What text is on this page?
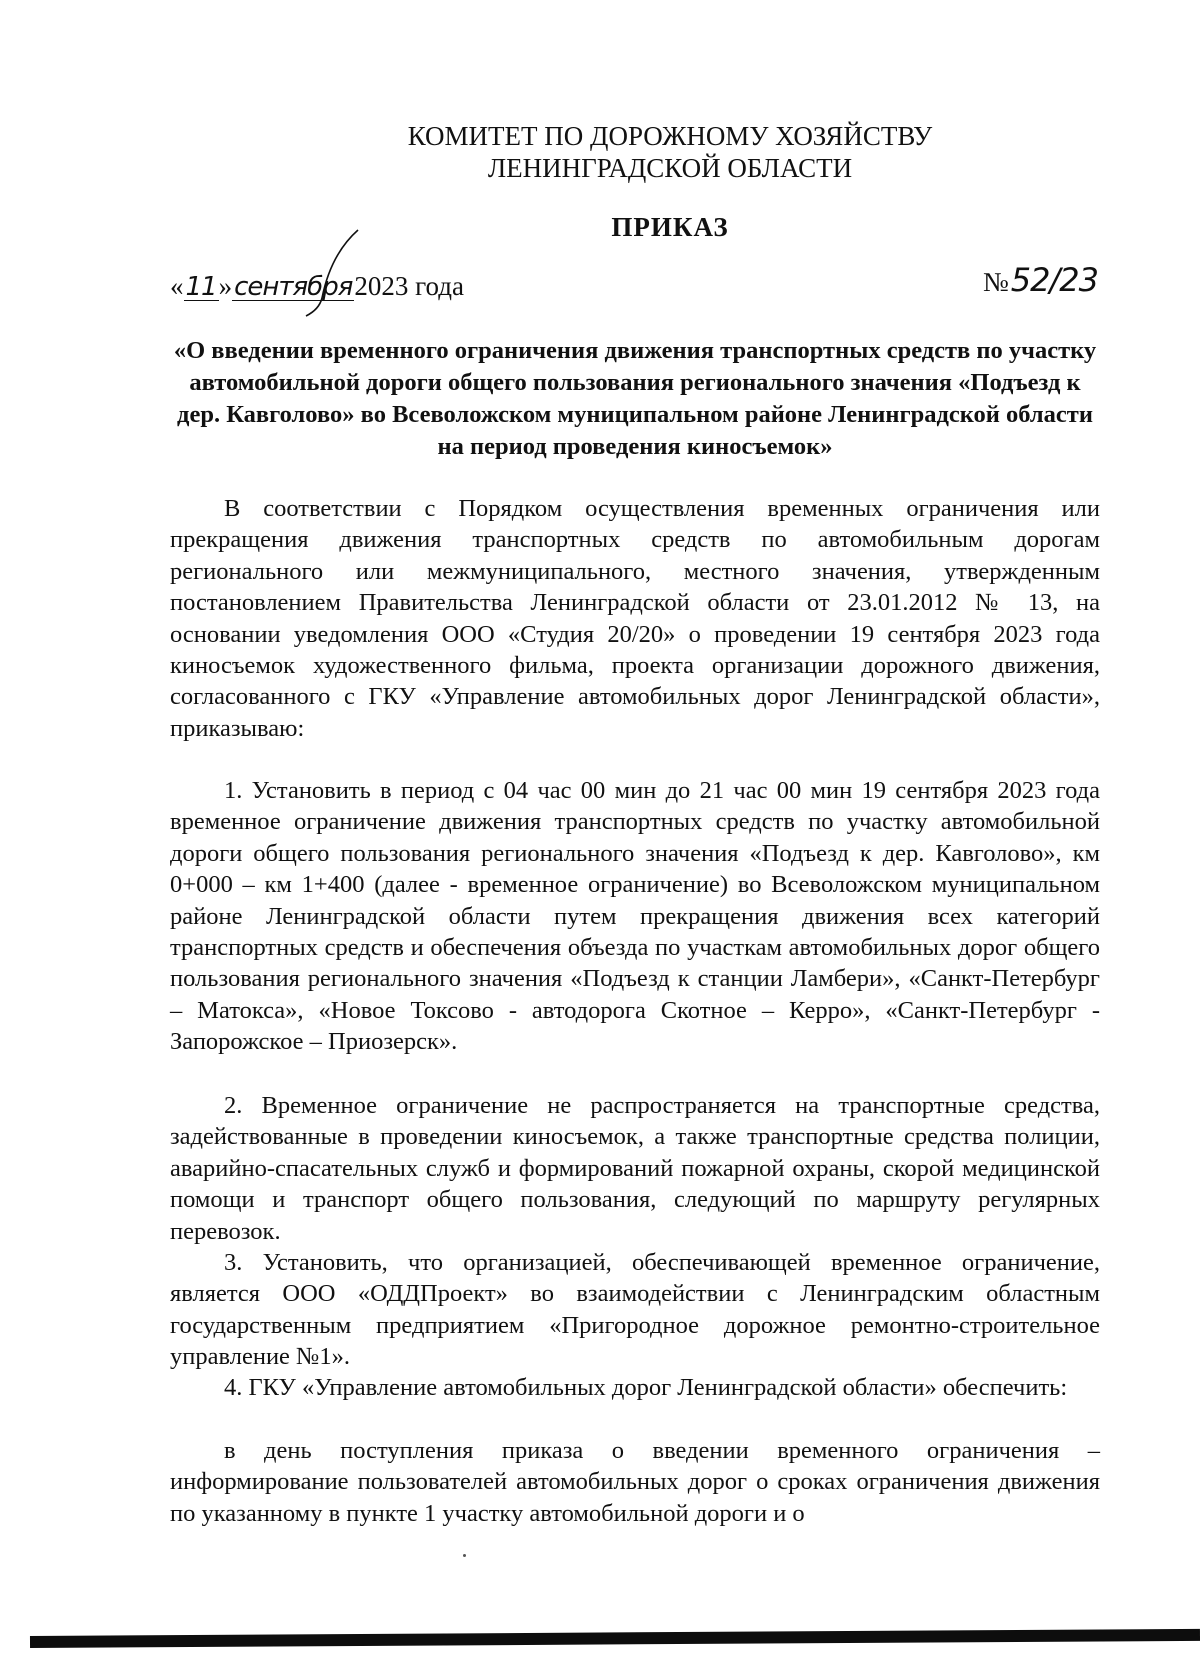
КОМИТЕТ ПО ДОРОЖНОМУ ХОЗЯЙСТВУ

ЛЕНИНГРАДСКОЙ ОБЛАСТИ

ПРИКАЗ
«11»сентября2023 года	№52/23

«О введении временного ограничения движения транспортных средств по участку автомобильной дороги общего пользования регионального значения «Подъезд к дер. Кавголово» во Всеволожском муниципальном районе Ленинградской области на период проведения киносъемок»

В соответствии с Порядком осуществления временных ограничения или прекращения движения транспортных средств по автомобильным дорогам регионального или межмуниципального, местного значения, утвержденным постановлением Правительства Ленинградской области от 23.01.2012 № 13, на основании уведомления ООО «Студия 20/20» о проведении 19 сентября 2023 года киносъемок художественного фильма, проекта организации дорожного движения, согласованного с ГКУ «Управление автомобильных дорог Ленинградской области», приказываю:

1. Установить в период с 04 час 00 мин до 21 час 00 мин 19 сентября 2023 года временное ограничение движения транспортных средств по участку автомобильной дороги общего пользования регионального значения «Подъезд к дер. Кавголово», км 0+000 – км 1+400 (далее - временное ограничение) во Всеволожском муниципальном районе Ленинградской области путем прекращения движения всех категорий транспортных средств и обеспечения объезда по участкам автомобильных дорог общего пользования регионального значения «Подъезд к станции Ламбери», «Санкт-Петербург – Матокса», «Новое Токсово - автодорога Скотное – Керро», «Санкт-Петербург - Запорожское – Приозерск».

2. Временное ограничение не распространяется на транспортные средства, задействованные в проведении киносъемок, а также транспортные средства полиции, аварийно-спасательных служб и формирований пожарной охраны, скорой медицинской помощи и транспорт общего пользования, следующий по маршруту регулярных перевозок.

3. Установить, что организацией, обеспечивающей временное ограничение, является ООО «ОДДПроект» во взаимодействии с Ленинградским областным государственным предприятием «Пригородное дорожное ремонтно-строительное управление №1».

4. ГКУ «Управление автомобильных дорог Ленинградской области» обеспечить:

в день поступления приказа о введении временного ограничения – информирование пользователей автомобильных дорог о сроках ограничения движения по указанному в пункте 1 участку автомобильной дороги и о
